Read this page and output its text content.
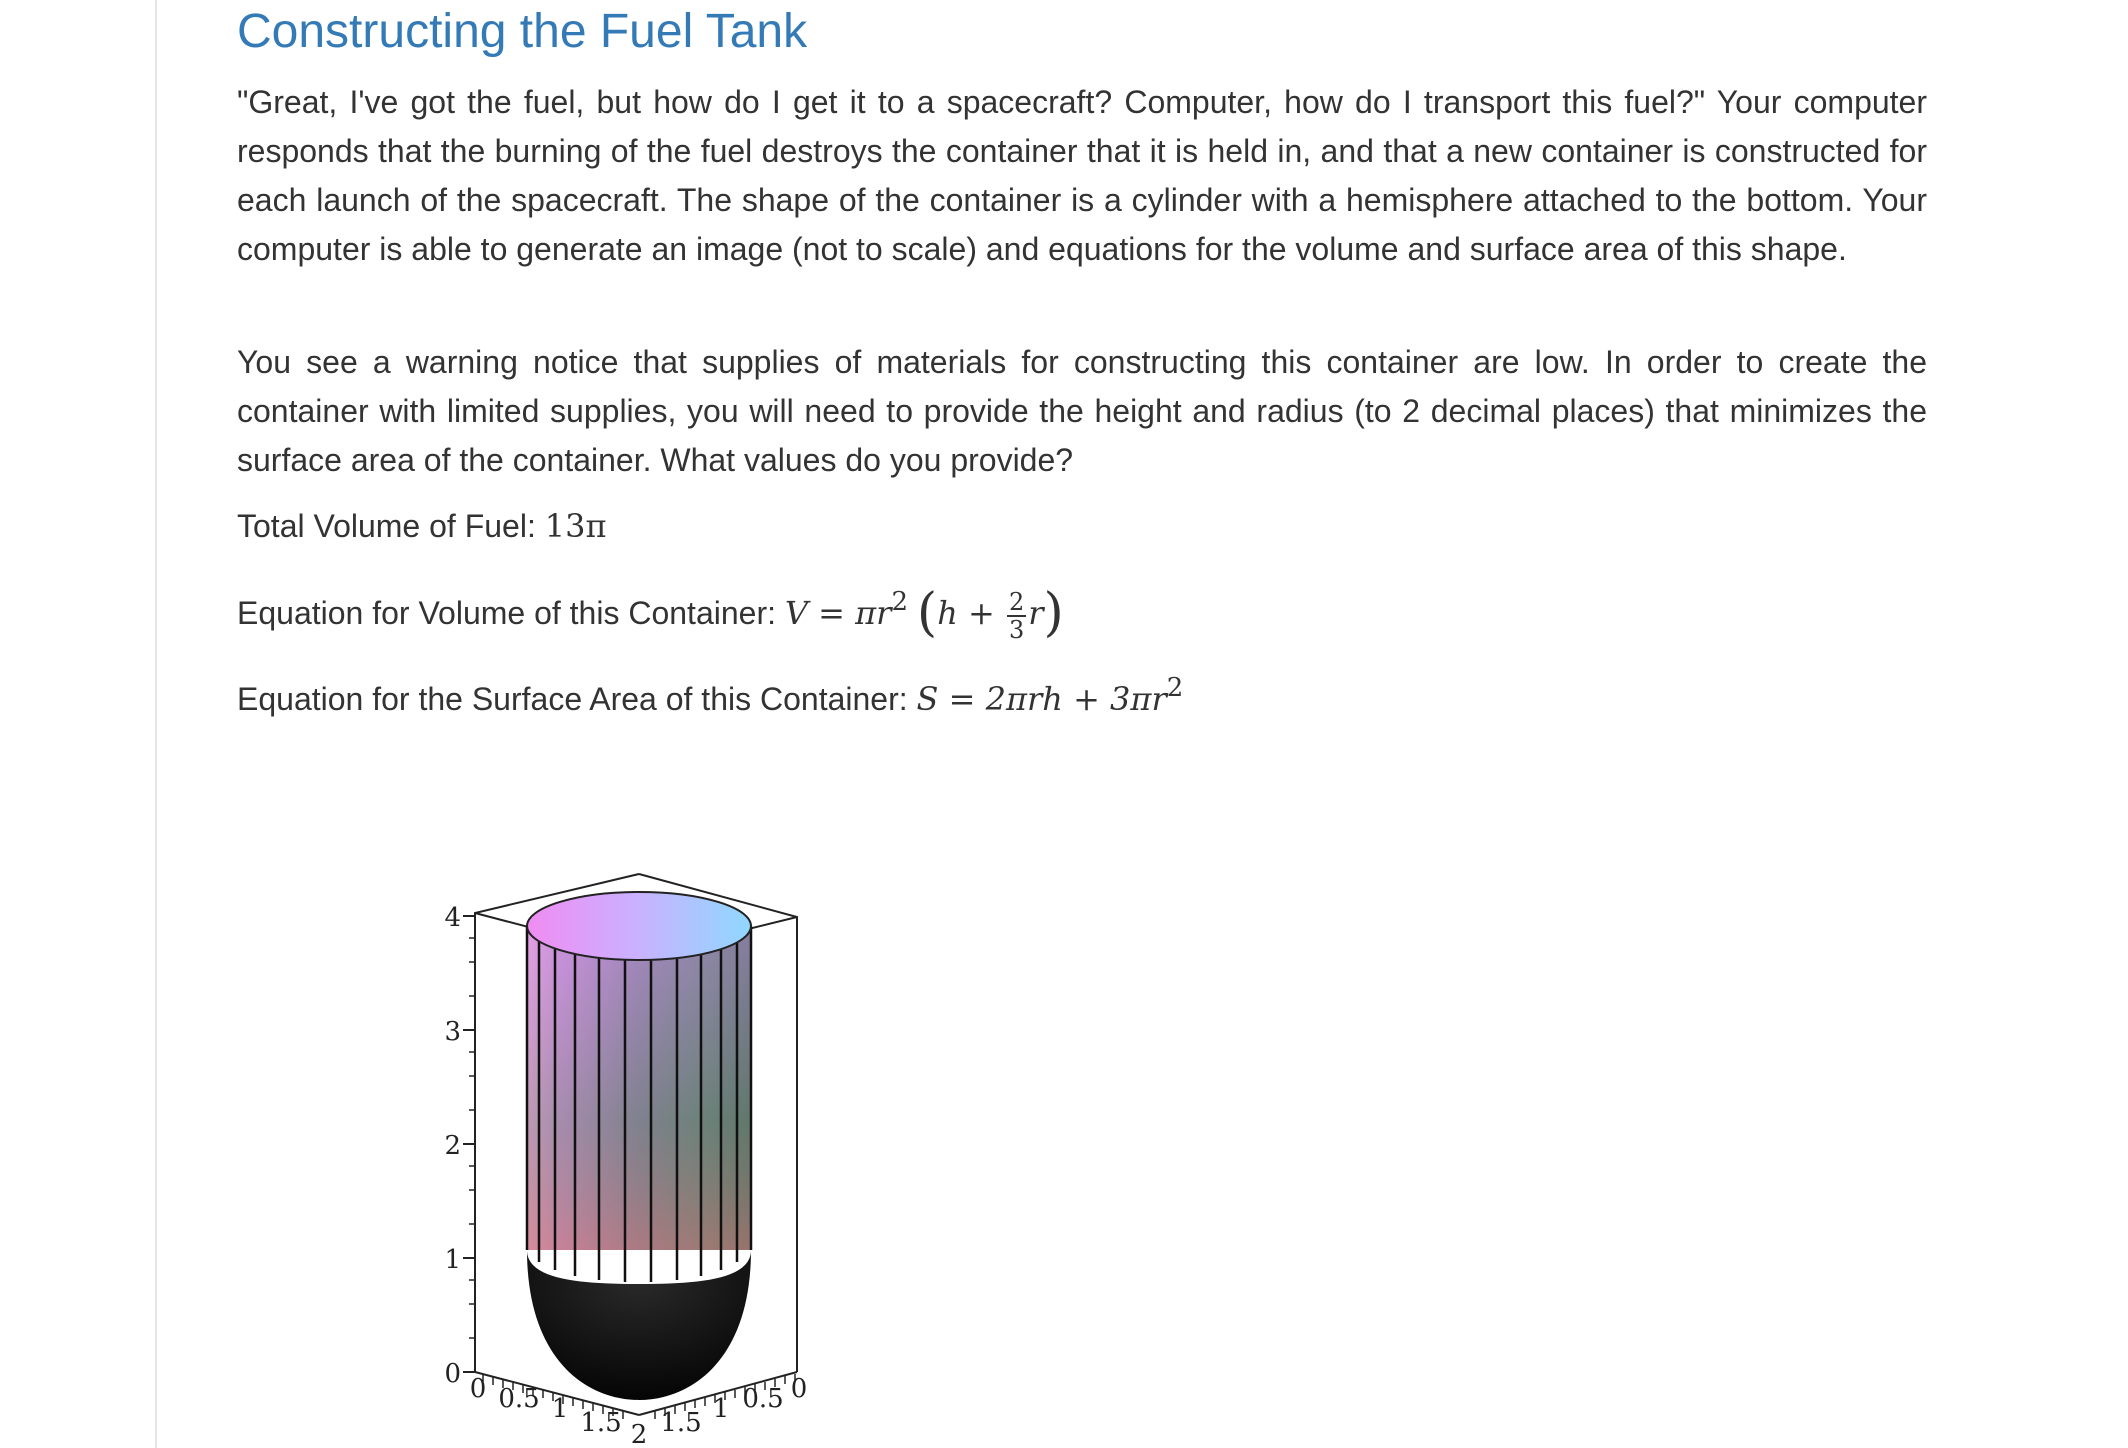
Constructing the Fuel Tank

"Great, I've got the fuel, but how do I get it to a spacecraft? Computer, how do I transport this fuel?" Your computer responds that the burning of the fuel destroys the container that it is held in, and that a new container is constructed for each launch of the spacecraft. The shape of the container is a cylinder with a hemisphere attached to the bottom. Your computer is able to generate an image (not to scale) and equations for the volume and surface area of this shape.

You see a warning notice that supplies of materials for constructing this container are low. In order to create the container with limited supplies, you will need to provide the height and radius (to 2 decimal places) that minimizes the surface area of the container. What values do you provide?

Total Volume of Fuel: 13π
Equation for Volume of this Container: $V = \pi r^2$ $(h + \frac{2}{3} r)$
Equation for the Surface Area of this Container: $S = 2\pi rh + 3\pi r^2$
0
1
2
3
4
0 0.5 1 1.5 2 1.5 1 0.5 0
